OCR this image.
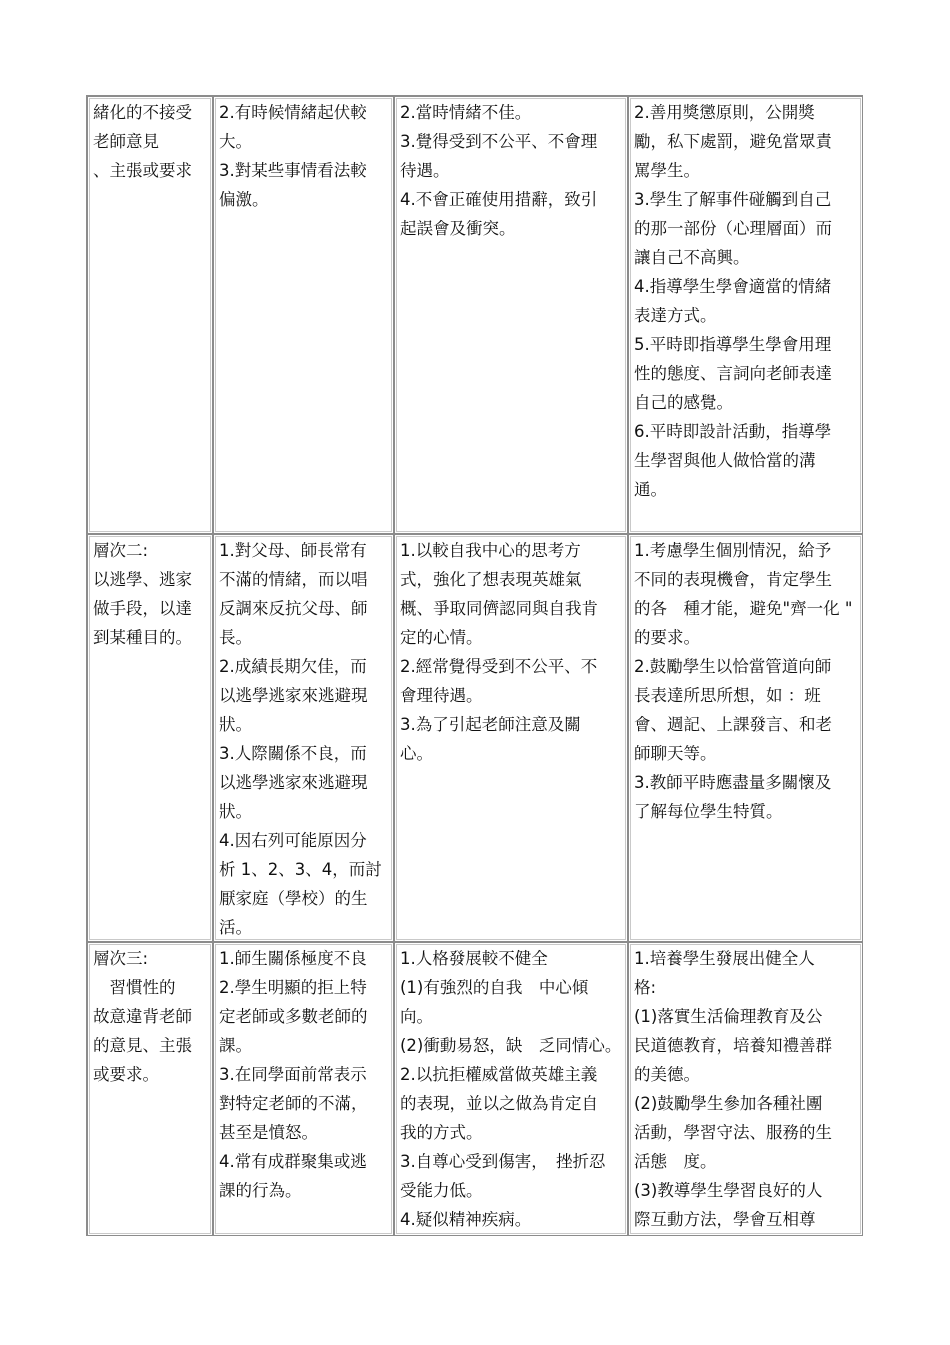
緒化的不接受
老師意見
、主張或要求
2.有時候情緒起伏較
大。
3.對某些事情看法較
偏激。
2.當時情緒不佳。
3.覺得受到不公平、不會理
待遇。
4.不會正確使用措辭，致引
起誤會及衝突。
2.善用獎懲原則，公開獎
勵，私下處罰，避免當眾責
罵學生。
3.學生了解事件碰觸到自己
的那一部份（心理層面）而
讓自己不高興。
4.指導學生學會適當的情緒
表達方式。
5.平時即指導學生學會用理
性的態度、言詞向老師表達
自己的感覺。
6.平時即設計活動，指導學
生學習與他人做恰當的溝
通。
層次二:
以逃學、逃家
做手段，以達
到某種目的。
1.對父母、師長常有
不滿的情緒，而以唱
反調來反抗父母、師
長。
2.成績長期欠佳，而
以逃學逃家來逃避現
狀。
3.人際關係不良，而
以逃學逃家來逃避現
狀。
4.因右列可能原因分
析 1、2、3、4，而討
厭家庭（學校）的生
活。
1.以較自我中心的思考方
式，強化了想表現英雄氣
概、爭取同儕認同與自我肯
定的心情。
2.經常覺得受到不公平、不
會理待遇。
3.為了引起老師注意及關
心。
1.考慮學生個別情況，給予
不同的表現機會，肯定學生
的各　種才能，避免"齊一化 "
的要求。
2.鼓勵學生以恰當管道向師
長表達所思所想，如 ：班
會、週記、上課發言、和老
師聊天等。
3.教師平時應盡量多關懷及
了解每位學生特質。
層次三:
　習慣性的
故意違背老師
的意見、主張
或要求。
1.師生關係極度不良
2.學生明顯的拒上特
定老師或多數老師的
課。
3.在同學面前常表示
對特定老師的不滿，
甚至是憤怒。
4.常有成群聚集或逃
課的行為。
1.人格發展較不健全
(1)有強烈的自我　中心傾
向。
(2)衝動易怒，缺　乏同情心。
2.以抗拒權威當做英雄主義
的表現，並以之做為肯定自
我的方式。
3.自尊心受到傷害，　挫折忍
受能力低。
4.疑似精神疾病。
1.培養學生發展出健全人
格:
(1)落實生活倫理教育及公
民道德教育，培養知禮善群
的美德。
(2)鼓勵學生參加各種社團
活動，學習守法、服務的生
活態　度。
(3)教導學生學習良好的人
際互動方法，學會互相尊
